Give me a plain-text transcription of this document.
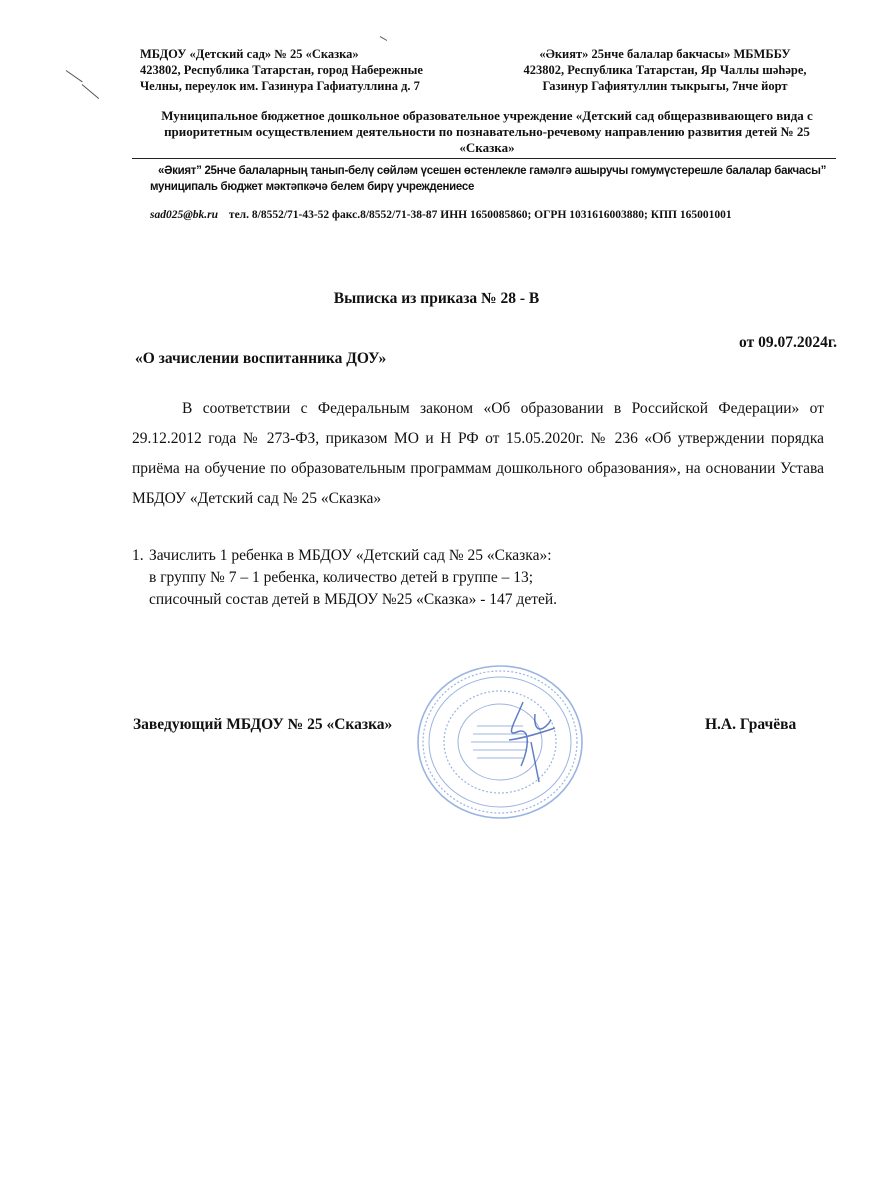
МБДОУ «Детский сад» № 25 «Сказка»
423802, Республика Татарстан, город Набережные
Челны, переулок им. Газинура Гафиатуллина д. 7
«Әкият» 25нче балалар бакчасы» МБМББУ
423802, Республика Татарстан, Яр Чаллы шәһәре,
Газинур Гафиятуллин тыкрыгы, 7нче йорт
Муниципальное бюджетное дошкольное образовательное учреждение «Детский сад общеразвивающего вида с приоритетным осуществлением деятельности по познавательно-речевому направлению развития детей № 25 «Сказка»
«Әкият” 25нче балаларның танып-белү сөйләм үсешен өстенлекле гамәлгә ашыручы гомумүстерешле балалар бакчасы” муниципаль бюджет мәктәпкәчә белем бирү учреждениесе
sad025@bk.ru тел. 8/8552/71-43-52 факс.8/8552/71-38-87 ИНН 1650085860; ОГРН 1031616003880; КПП 165001001
Выписка из приказа № 28 - В
от 09.07.2024г.
«О зачислении воспитанника ДОУ»
В соответствии с Федеральным законом «Об образовании в Российской Федерации» от 29.12.2012 года № 273-ФЗ, приказом МО и Н РФ от 15.05.2020г. № 236 «Об утверждении порядка приёма на обучение по образовательным программам дошкольного образования», на основании Устава МБДОУ «Детский сад № 25 «Сказка»
1. Зачислить 1 ребенка в МБДОУ «Детский сад № 25 «Сказка»:
в группу № 7 – 1 ребенка, количество детей в группе – 13;
списочный состав детей в МБДОУ №25 «Сказка» - 147 детей.
Заведующий МБДОУ № 25 «Сказка»	Н.А. Грачёва
